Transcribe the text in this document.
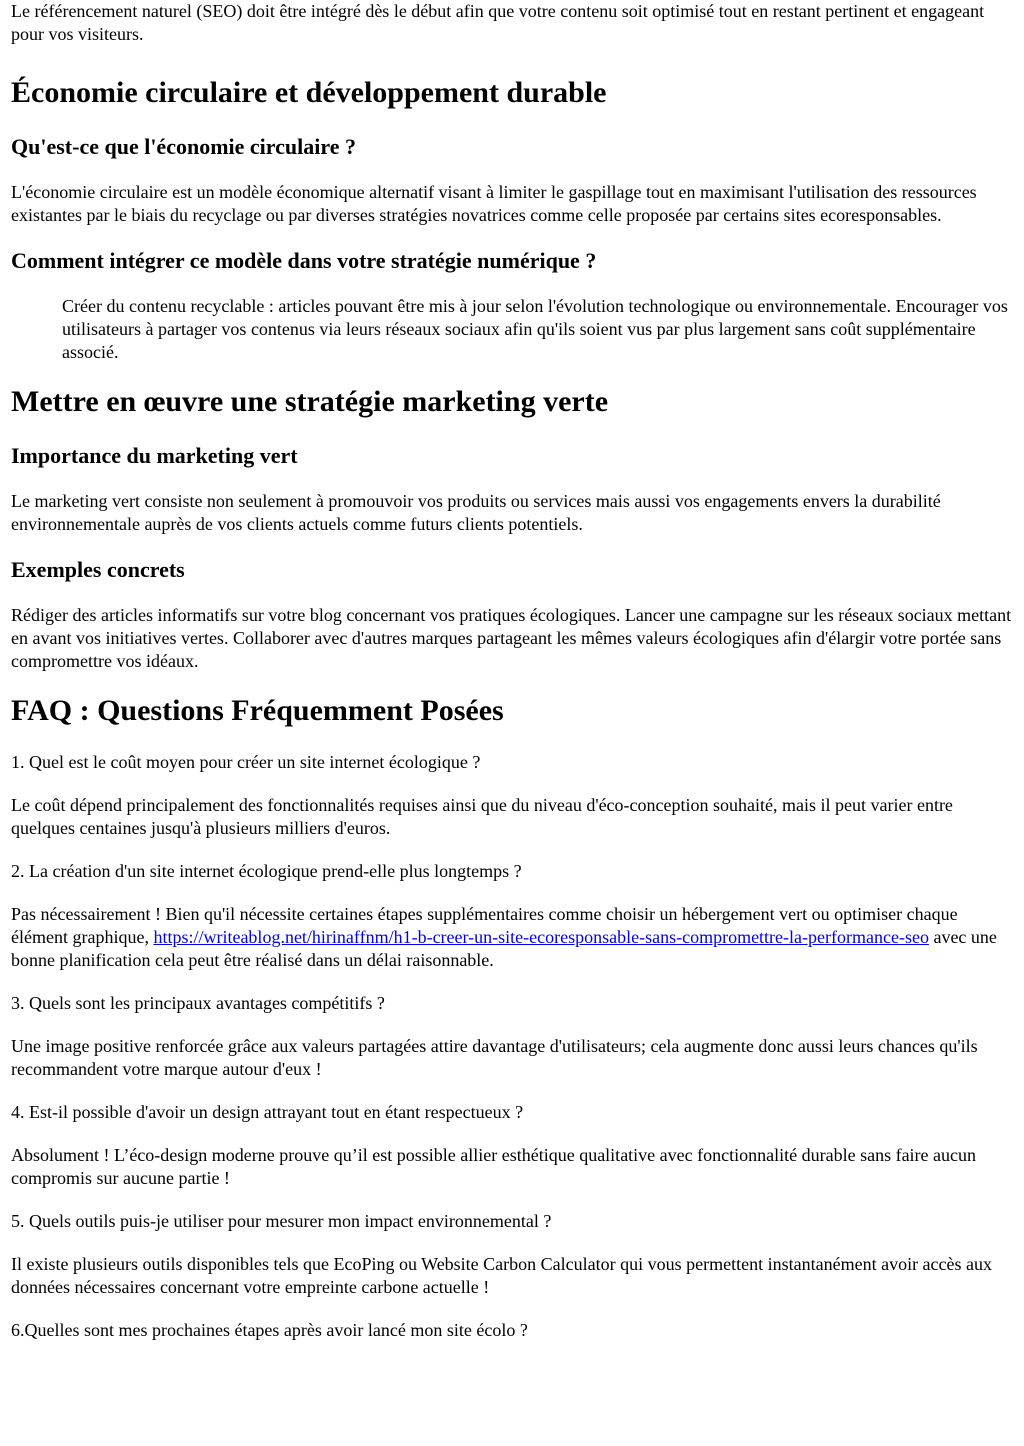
Le référencement naturel (SEO) doit être intégré dès le début afin que votre contenu soit optimisé tout en restant pertinent et engageant pour vos visiteurs.

Économie circulaire et développement durable
Qu'est-ce que l'économie circulaire ?

L'économie circulaire est un modèle économique alternatif visant à limiter le gaspillage tout en maximisant l'utilisation des ressources existantes par le biais du recyclage ou par diverses stratégies novatrices comme celle proposée par certains sites ecoresponsables.

Comment intégrer ce modèle dans votre stratégie numérique ?

Créer du contenu recyclable : articles pouvant être mis à jour selon l'évolution technologique ou environnementale. Encourager vos utilisateurs à partager vos contenus via leurs réseaux sociaux afin qu'ils soient vus par plus largement sans coût supplémentaire associé.

Mettre en œuvre une stratégie marketing verte
Importance du marketing vert

Le marketing vert consiste non seulement à promouvoir vos produits ou services mais aussi vos engagements envers la durabilité environnementale auprès de vos clients actuels comme futurs clients potentiels.

Exemples concrets

Rédiger des articles informatifs sur votre blog concernant vos pratiques écologiques. Lancer une campagne sur les réseaux sociaux mettant en avant vos initiatives vertes. Collaborer avec d'autres marques partageant les mêmes valeurs écologiques afin d'élargir votre portée sans compromettre vos idéaux.

FAQ : Questions Fréquemment Posées

1. Quel est le coût moyen pour créer un site internet écologique ?

Le coût dépend principalement des fonctionnalités requises ainsi que du niveau d'éco-conception souhaité, mais il peut varier entre quelques centaines jusqu'à plusieurs milliers d'euros.

2. La création d'un site internet écologique prend-elle plus longtemps ?

Pas nécessairement ! Bien qu'il nécessite certaines étapes supplémentaires comme choisir un hébergement vert ou optimiser chaque élément graphique, https://writeablog.net/hirinaffnm/h1-b-creer-un-site-ecoresponsable-sans-compromettre-la-performance-seo avec une bonne planification cela peut être réalisé dans un délai raisonnable.

3. Quels sont les principaux avantages compétitifs ?

Une image positive renforcée grâce aux valeurs partagées attire davantage d'utilisateurs; cela augmente donc aussi leurs chances qu'ils recommandent votre marque autour d'eux !

4. Est-il possible d'avoir un design attrayant tout en étant respectueux ?

Absolument ! L’éco-design moderne prouve qu’il est possible allier esthétique qualitative avec fonctionnalité durable sans faire aucun compromis sur aucune partie !

5. Quels outils puis-je utiliser pour mesurer mon impact environnemental ?

Il existe plusieurs outils disponibles tels que EcoPing ou Website Carbon Calculator qui vous permettent instantanément avoir accès aux données nécessaires concernant votre empreinte carbone actuelle !

6.Quelles sont mes prochaines étapes après avoir lancé mon site écolo ?
